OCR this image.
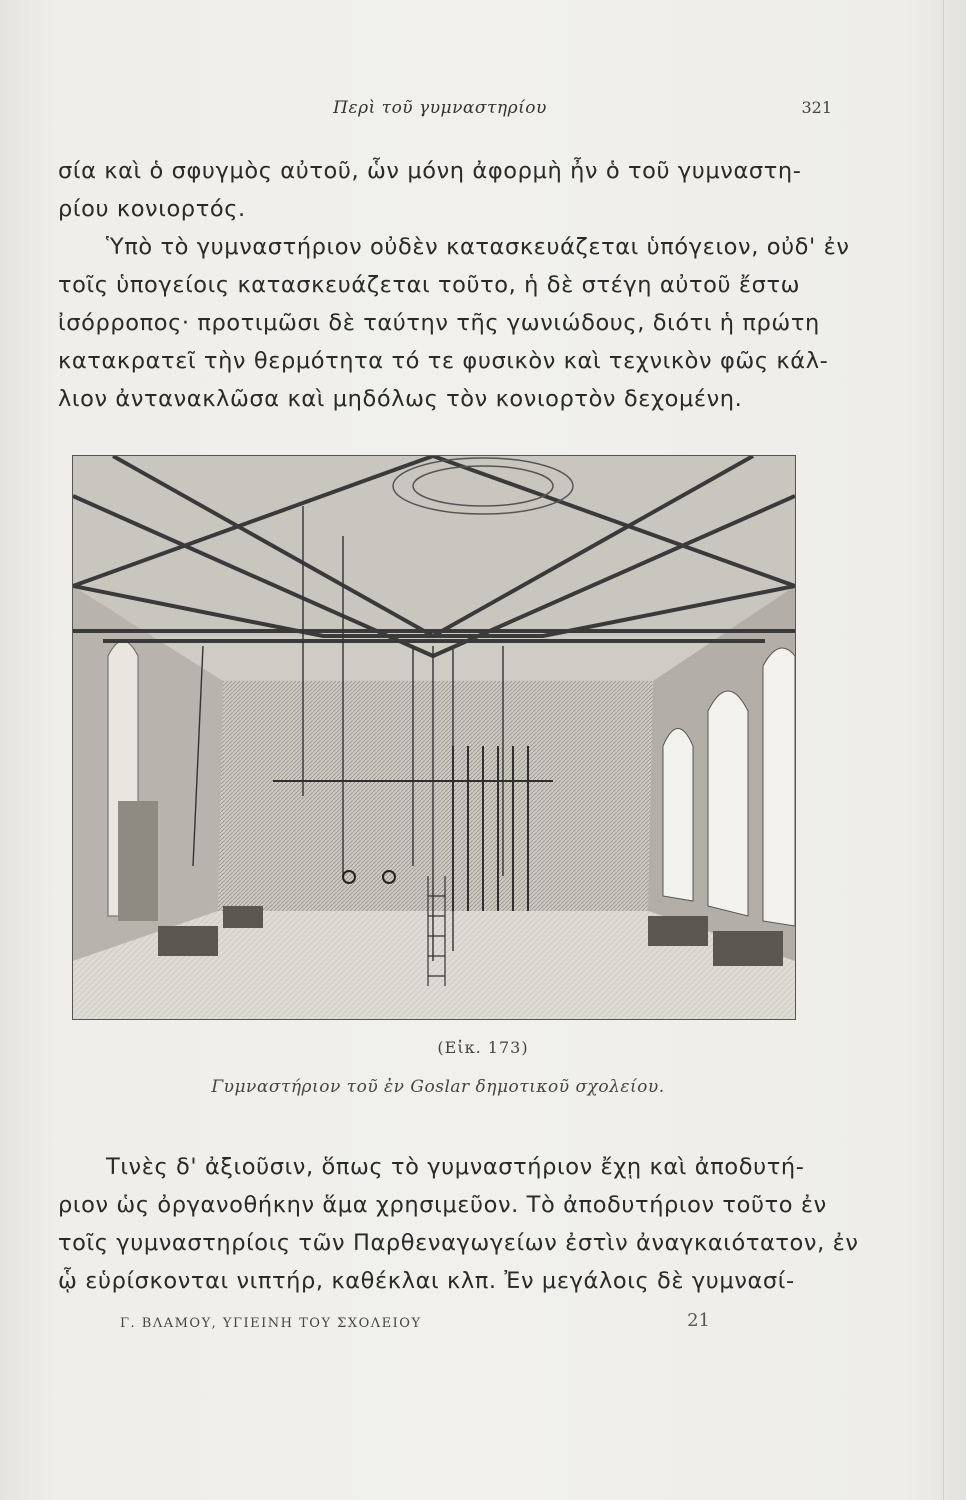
Περὶ τοῦ γυμναστηρίου	321
σία καὶ ὁ σφυγμὸς αὐτοῦ, ὧν μόνη ἀφορμὴ ἦν ὁ τοῦ γυμναστη-
ρίου κονιορτός.
Ὑπὸ τὸ γυμναστήριον οὐδὲν κατασκευάζεται ὑπόγειον, οὐδ' ἐν
τοῖς ὑπογείοις κατασκευάζεται τοῦτο, ἡ δὲ στέγη αὐτοῦ ἔστω
ἰσόρροπος· προτιμῶσι δὲ ταύτην τῆς γωνιώδους, διότι ἡ πρώτη
κατακρατεῖ τὴν θερμότητα τό τε φυσικὸν καὶ τεχνικὸν φῶς κάλ-
λιον ἀντανακλῶσα καὶ μηδόλως τὸν κονιορτὸν δεχομένη.
(Εἰκ. 173)
Γυμναστήριον τοῦ ἐν Goslar δημοτικοῦ σχολείου.
Τινὲς δ' ἀξιοῦσιν, ὅπως τὸ γυμναστήριον ἔχῃ καὶ ἀποδυτή-
ριον ὡς ὀργανοθήκην ἅμα χρησιμεῦον. Τὸ ἀποδυτήριον τοῦτο ἐν
τοῖς γυμναστηρίοις τῶν Παρθεναγωγείων ἐστὶν ἀναγκαιότατον, ἐν
ᾧ εὑρίσκονται νιπτήρ, καθέκλαι κλπ. Ἐν μεγάλοις δὲ γυμνασί-
Γ. ΒΛΑΜΟΥ, ΥΓΙΕΙΝΗ ΤΟΥ ΣΧΟΛΕΙΟΥ	21
